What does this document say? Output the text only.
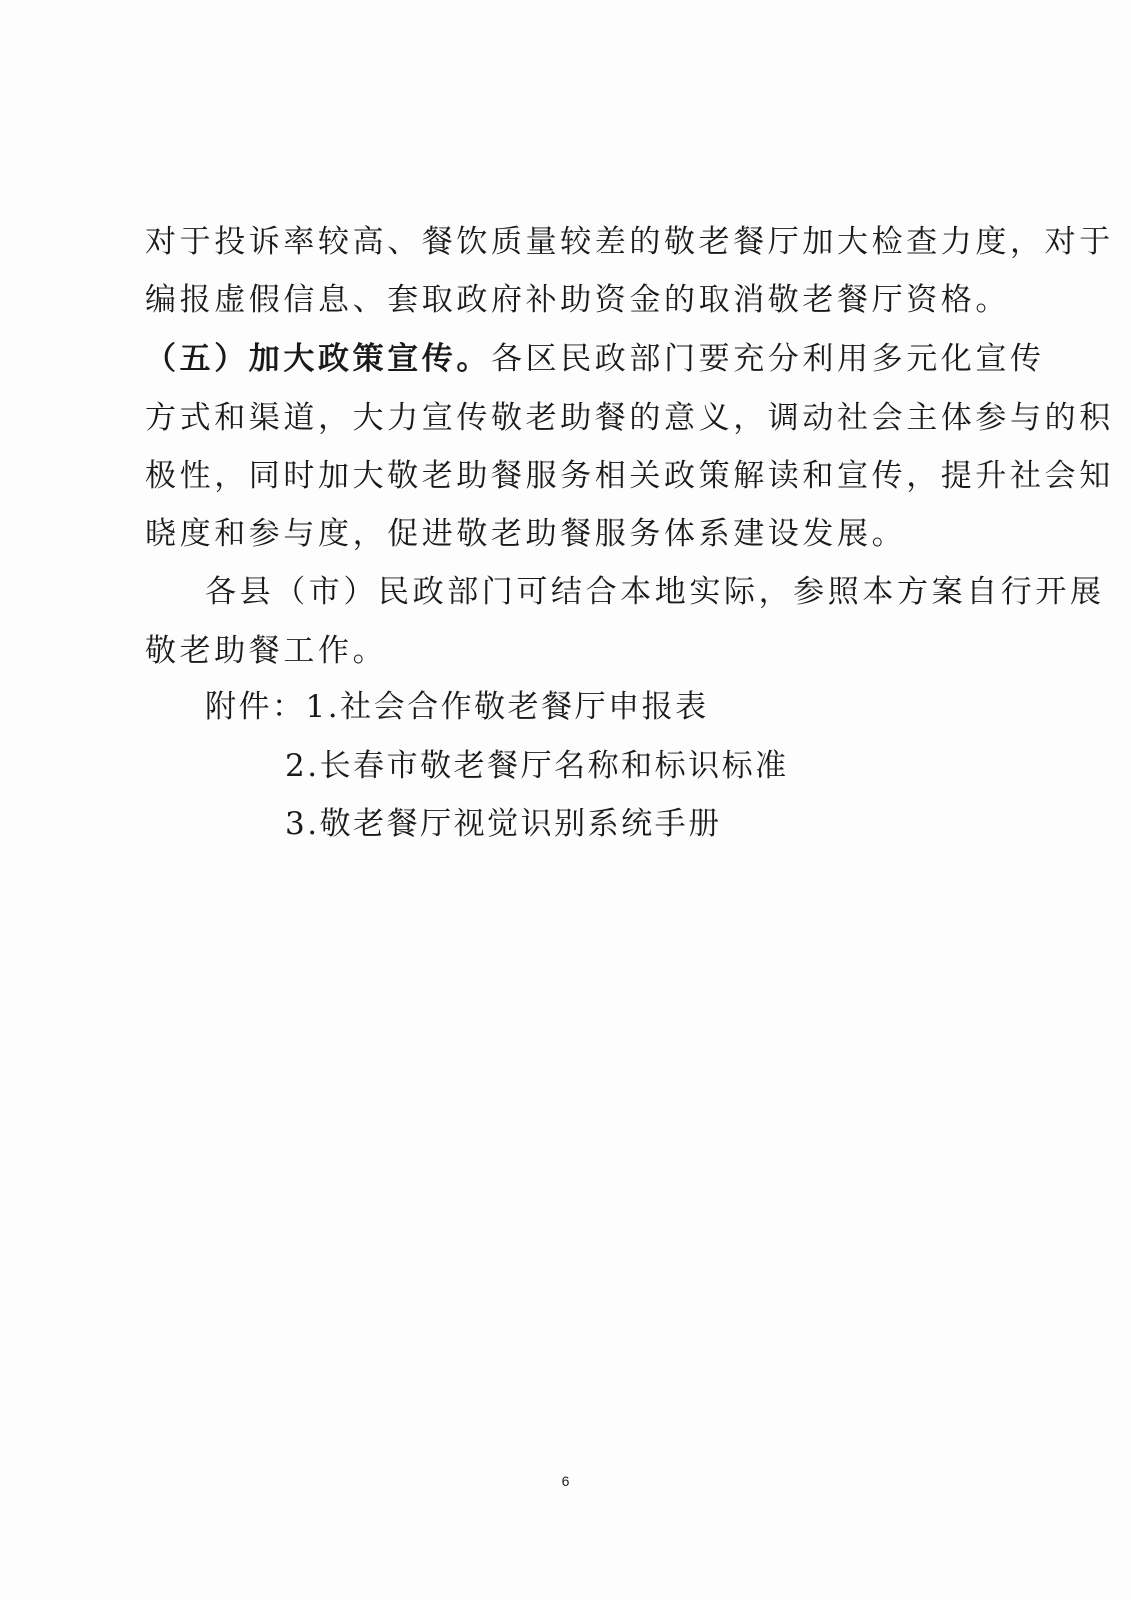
对于投诉率较高、餐饮质量较差的敬老餐厅加大检查力度，对于
编报虚假信息、套取政府补助资金的取消敬老餐厅资格。
（五）加大政策宣传。各区民政部门要充分利用多元化宣传
方式和渠道，大力宣传敬老助餐的意义，调动社会主体参与的积
极性，同时加大敬老助餐服务相关政策解读和宣传，提升社会知
晓度和参与度，促进敬老助餐服务体系建设发展。
各县（市）民政部门可结合本地实际，参照本方案自行开展
敬老助餐工作。
附件：1.社会合作敬老餐厅申报表
2.长春市敬老餐厅名称和标识标准
3.敬老餐厅视觉识别系统手册
6
